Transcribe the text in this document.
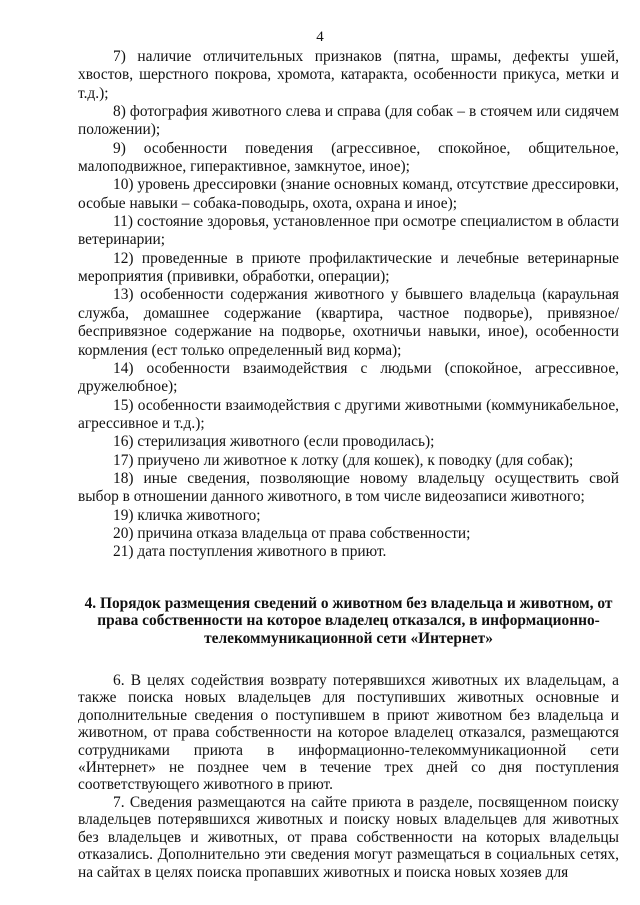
4

7) наличие отличительных признаков (пятна, шрамы, дефекты ушей, хвостов, шерстного покрова, хромота, катаракта, особенности прикуса, метки и т.д.);

8) фотография животного слева и справа (для собак – в стоячем или сидячем положении);

9) особенности поведения (агрессивное, спокойное, общительное, малоподвижное, гиперактивное, замкнутое, иное);

10) уровень дрессировки (знание основных команд, отсутствие дрессировки, особые навыки – собака-поводырь, охота, охрана и иное);

11) состояние здоровья, установленное при осмотре специалистом в области ветеринарии;

12) проведенные в приюте профилактические и лечебные ветеринарные мероприятия (прививки, обработки, операции);

13) особенности содержания животного у бывшего владельца (караульная служба, домашнее содержание (квартира, частное подворье), привязное/беспривязное содержание на подворье, охотничьи навыки, иное), особенности кормления (ест только определенный вид корма);

14) особенности взаимодействия с людьми (спокойное, агрессивное, дружелюбное);

15) особенности взаимодействия с другими животными (коммуникабельное, агрессивное и т.д.);

16) стерилизация животного (если проводилась);

17) приучено ли животное к лотку (для кошек), к поводку (для собак);

18) иные сведения, позволяющие новому владельцу осуществить свой выбор в отношении данного животного, в том числе видеозаписи животного;

19) кличка животного;

20) причина отказа владельца от права собственности;

21) дата поступления животного в приют.

4. Порядок размещения сведений о животном без владельца и животном, от права собственности на которое владелец отказался, в информационно-телекоммуникационной сети «Интернет»

6. В целях содействия возврату потерявшихся животных их владельцам, а также поиска новых владельцев для поступивших животных основные и дополнительные сведения о поступившем в приют животном без владельца и животном, от права собственности на которое владелец отказался, размещаются сотрудниками приюта в информационно-телекоммуникационной сети «Интернет» не позднее чем в течение трех дней со дня поступления соответствующего животного в приют.

7. Сведения размещаются на сайте приюта в разделе, посвященном поиску владельцев потерявшихся животных и поиску новых владельцев для животных без владельцев и животных, от права собственности на которых владельцы отказались. Дополнительно эти сведения могут размещаться в социальных сетях, на сайтах в целях поиска пропавших животных и поиска новых хозяев для
